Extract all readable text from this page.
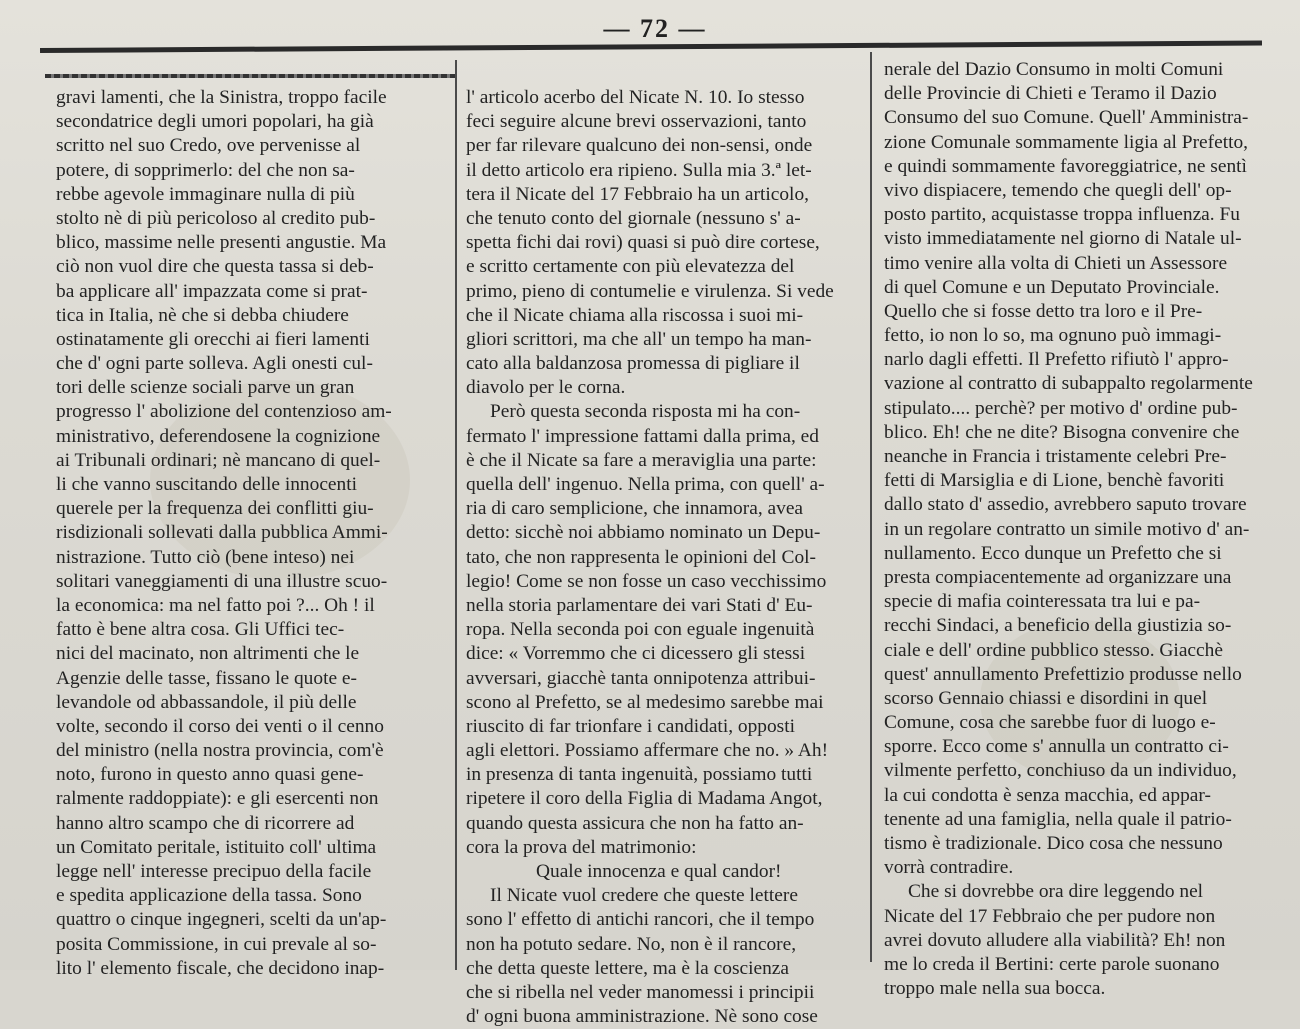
— 72 —
gravi lamenti, che la Sinistra, troppo facile
secondatrice degli umori popolari, ha già
scritto nel suo Credo, ove pervenisse al
potere, di sopprimerlo: del che non sa-
rebbe agevole immaginare nulla di più
stolto nè di più pericoloso al credito pub-
blico, massime nelle presenti angustie. Ma
ciò non vuol dire che questa tassa si deb-
ba applicare all' impazzata come si prat-
tica in Italia, nè che si debba chiudere
ostinatamente gli orecchi ai fieri lamenti
che d' ogni parte solleva. Agli onesti cul-
tori delle scienze sociali parve un gran
progresso l' abolizione del contenzioso am-
ministrativo, deferendosene la cognizione
ai Tribunali ordinari; nè mancano di quel-
li che vanno suscitando delle innocenti
querele per la frequenza dei conflitti giu-
risdizionali sollevati dalla pubblica Ammi-
nistrazione. Tutto ciò (bene inteso) nei
solitari vaneggiamenti di una illustre scuo-
la economica: ma nel fatto poi ?... Oh ! il
fatto è bene altra cosa. Gli Uffici tec-
nici del macinato, non altrimenti che le
Agenzie delle tasse, fissano le quote e-
levandole od abbassandole, il più delle
volte, secondo il corso dei venti o il cenno
del ministro (nella nostra provincia, com'è
noto, furono in questo anno quasi gene-
ralmente raddoppiate): e gli esercenti non
hanno altro scampo che di ricorrere ad
un Comitato peritale, istituito coll' ultima
legge nell' interesse precipuo della facile
e spedita applicazione della tassa. Sono
quattro o cinque ingegneri, scelti da un'ap-
posita Commissione, in cui prevale al so-
lito l' elemento fiscale, che decidono inap-
l' articolo acerbo del Nicate N. 10. Io stesso
feci seguire alcune brevi osservazioni, tanto
per far rilevare qualcuno dei non-sensi, onde
il detto articolo era ripieno. Sulla mia 3.ª let-
tera il Nicate del 17 Febbraio ha un articolo,
che tenuto conto del giornale (nessuno s' a-
spetta fichi dai rovi) quasi si può dire cortese,
e scritto certamente con più elevatezza del
primo, pieno di contumelie e virulenza. Si vede
che il Nicate chiama alla riscossa i suoi mi-
gliori scrittori, ma che all' un tempo ha man-
cato alla baldanzosa promessa di pigliare il
diavolo per le corna.
Però questa seconda risposta mi ha con-
fermato l' impressione fattami dalla prima, ed
è che il Nicate sa fare a meraviglia una parte:
quella dell' ingenuo. Nella prima, con quell' a-
ria di caro semplicione, che innamora, avea
detto: sicchè noi abbiamo nominato un Depu-
tato, che non rappresenta le opinioni del Col-
legio! Come se non fosse un caso vecchissimo
nella storia parlamentare dei vari Stati d' Eu-
ropa. Nella seconda poi con eguale ingenuità
dice: « Vorremmo che ci dicessero gli stessi
avversari, giacchè tanta onnipotenza attribui-
scono al Prefetto, se al medesimo sarebbe mai
riuscito di far trionfare i candidati, opposti
agli elettori. Possiamo affermare che no. » Ah!
in presenza di tanta ingenuità, possiamo tutti
ripetere il coro della Figlia di Madama Angot,
quando questa assicura che non ha fatto an-
cora la prova del matrimonio:
Quale innocenza e qual candor!
Il Nicate vuol credere che queste lettere
sono l' effetto di antichi rancori, che il tempo
non ha potuto sedare. No, non è il rancore,
che detta queste lettere, ma è la coscienza
che si ribella nel veder manomessi i principii
d' ogni buona amministrazione. Nè sono cose
nerale del Dazio Consumo in molti Comuni
delle Provincie di Chieti e Teramo il Dazio
Consumo del suo Comune. Quell' Amministra-
zione Comunale sommamente ligia al Prefetto,
e quindi sommamente favoreggiatrice, ne sentì
vivo dispiacere, temendo che quegli dell' op-
posto partito, acquistasse troppa influenza. Fu
visto immediatamente nel giorno di Natale ul-
timo venire alla volta di Chieti un Assessore
di quel Comune e un Deputato Provinciale.
Quello che si fosse detto tra loro e il Pre-
fetto, io non lo so, ma ognuno può immagi-
narlo dagli effetti. Il Prefetto rifiutò l' appro-
vazione al contratto di subappalto regolarmente
stipulato.... perchè? per motivo d' ordine pub-
blico. Eh! che ne dite? Bisogna convenire che
neanche in Francia i tristamente celebri Pre-
fetti di Marsiglia e di Lione, benchè favoriti
dallo stato d' assedio, avrebbero saputo trovare
in un regolare contratto un simile motivo d' an-
nullamento. Ecco dunque un Prefetto che si
presta compiacentemente ad organizzare una
specie di mafia cointeressata tra lui e pa-
recchi Sindaci, a beneficio della giustizia so-
ciale e dell' ordine pubblico stesso. Giacchè
quest' annullamento Prefettizio produsse nello
scorso Gennaio chiassi e disordini in quel
Comune, cosa che sarebbe fuor di luogo e-
sporre. Ecco come s' annulla un contratto ci-
vilmente perfetto, conchiuso da un individuo,
la cui condotta è senza macchia, ed appar-
tenente ad una famiglia, nella quale il patrio-
tismo è tradizionale. Dico cosa che nessuno
vorrà contradire.
Che si dovrebbe ora dire leggendo nel
Nicate del 17 Febbraio che per pudore non
avrei dovuto alludere alla viabilità? Eh! non
me lo creda il Bertini: certe parole suonano
troppo male nella sua bocca.
